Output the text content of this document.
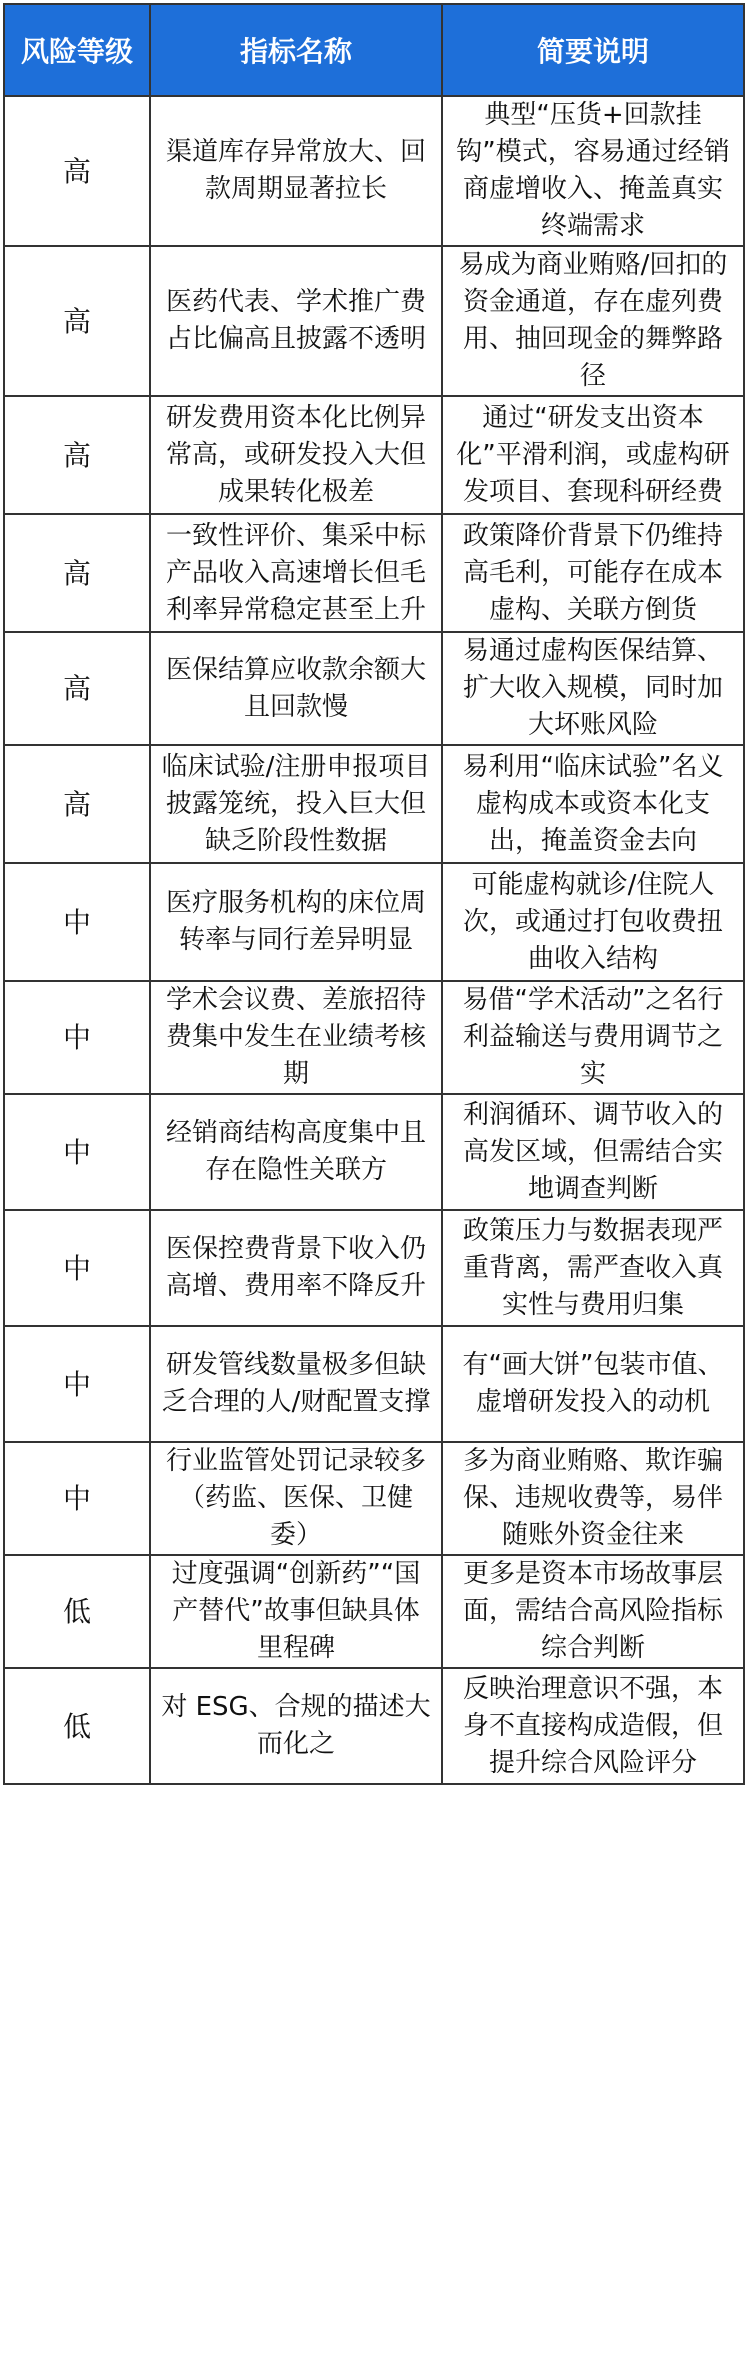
风险等级	指标名称	简要说明
高	渠道库存异常放大、回款周期显著拉长	典型“压货+回款挂钩”模式，容易通过经销商虚增收入、掩盖真实终端需求
高	医药代表、学术推广费占比偏高且披露不透明	易成为商业贿赂/回扣的资金通道，存在虚列费用、抽回现金的舞弊路径
高	研发费用资本化比例异常高，或研发投入大但成果转化极差	通过“研发支出资本化”平滑利润，或虚构研发项目、套现科研经费
高	一致性评价、集采中标产品收入高速增长但毛利率异常稳定甚至上升	政策降价背景下仍维持高毛利，可能存在成本虚构、关联方倒货
高	医保结算应收款余额大且回款慢	易通过虚构医保结算、扩大收入规模，同时加大坏账风险
高	临床试验/注册申报项目披露笼统，投入巨大但缺乏阶段性数据	易利用“临床试验”名义虚构成本或资本化支出，掩盖资金去向
中	医疗服务机构的床位周转率与同行差异明显	可能虚构就诊/住院人次，或通过打包收费扭曲收入结构
中	学术会议费、差旅招待费集中发生在业绩考核期	易借“学术活动”之名行利益输送与费用调节之实
中	经销商结构高度集中且存在隐性关联方	利润循环、调节收入的高发区域，但需结合实地调查判断
中	医保控费背景下收入仍高增、费用率不降反升	政策压力与数据表现严重背离，需严查收入真实性与费用归集
中	研发管线数量极多但缺乏合理的人/财配置支撑	有“画大饼”包装市值、虚增研发投入的动机
中	行业监管处罚记录较多（药监、医保、卫健委）	多为商业贿赂、欺诈骗保、违规收费等，易伴随账外资金往来
低	过度强调“创新药”“国产替代”故事但缺具体里程碑	更多是资本市场故事层面，需结合高风险指标综合判断
低	对 ESG、合规的描述大而化之	反映治理意识不强，本身不直接构成造假，但提升综合风险评分
